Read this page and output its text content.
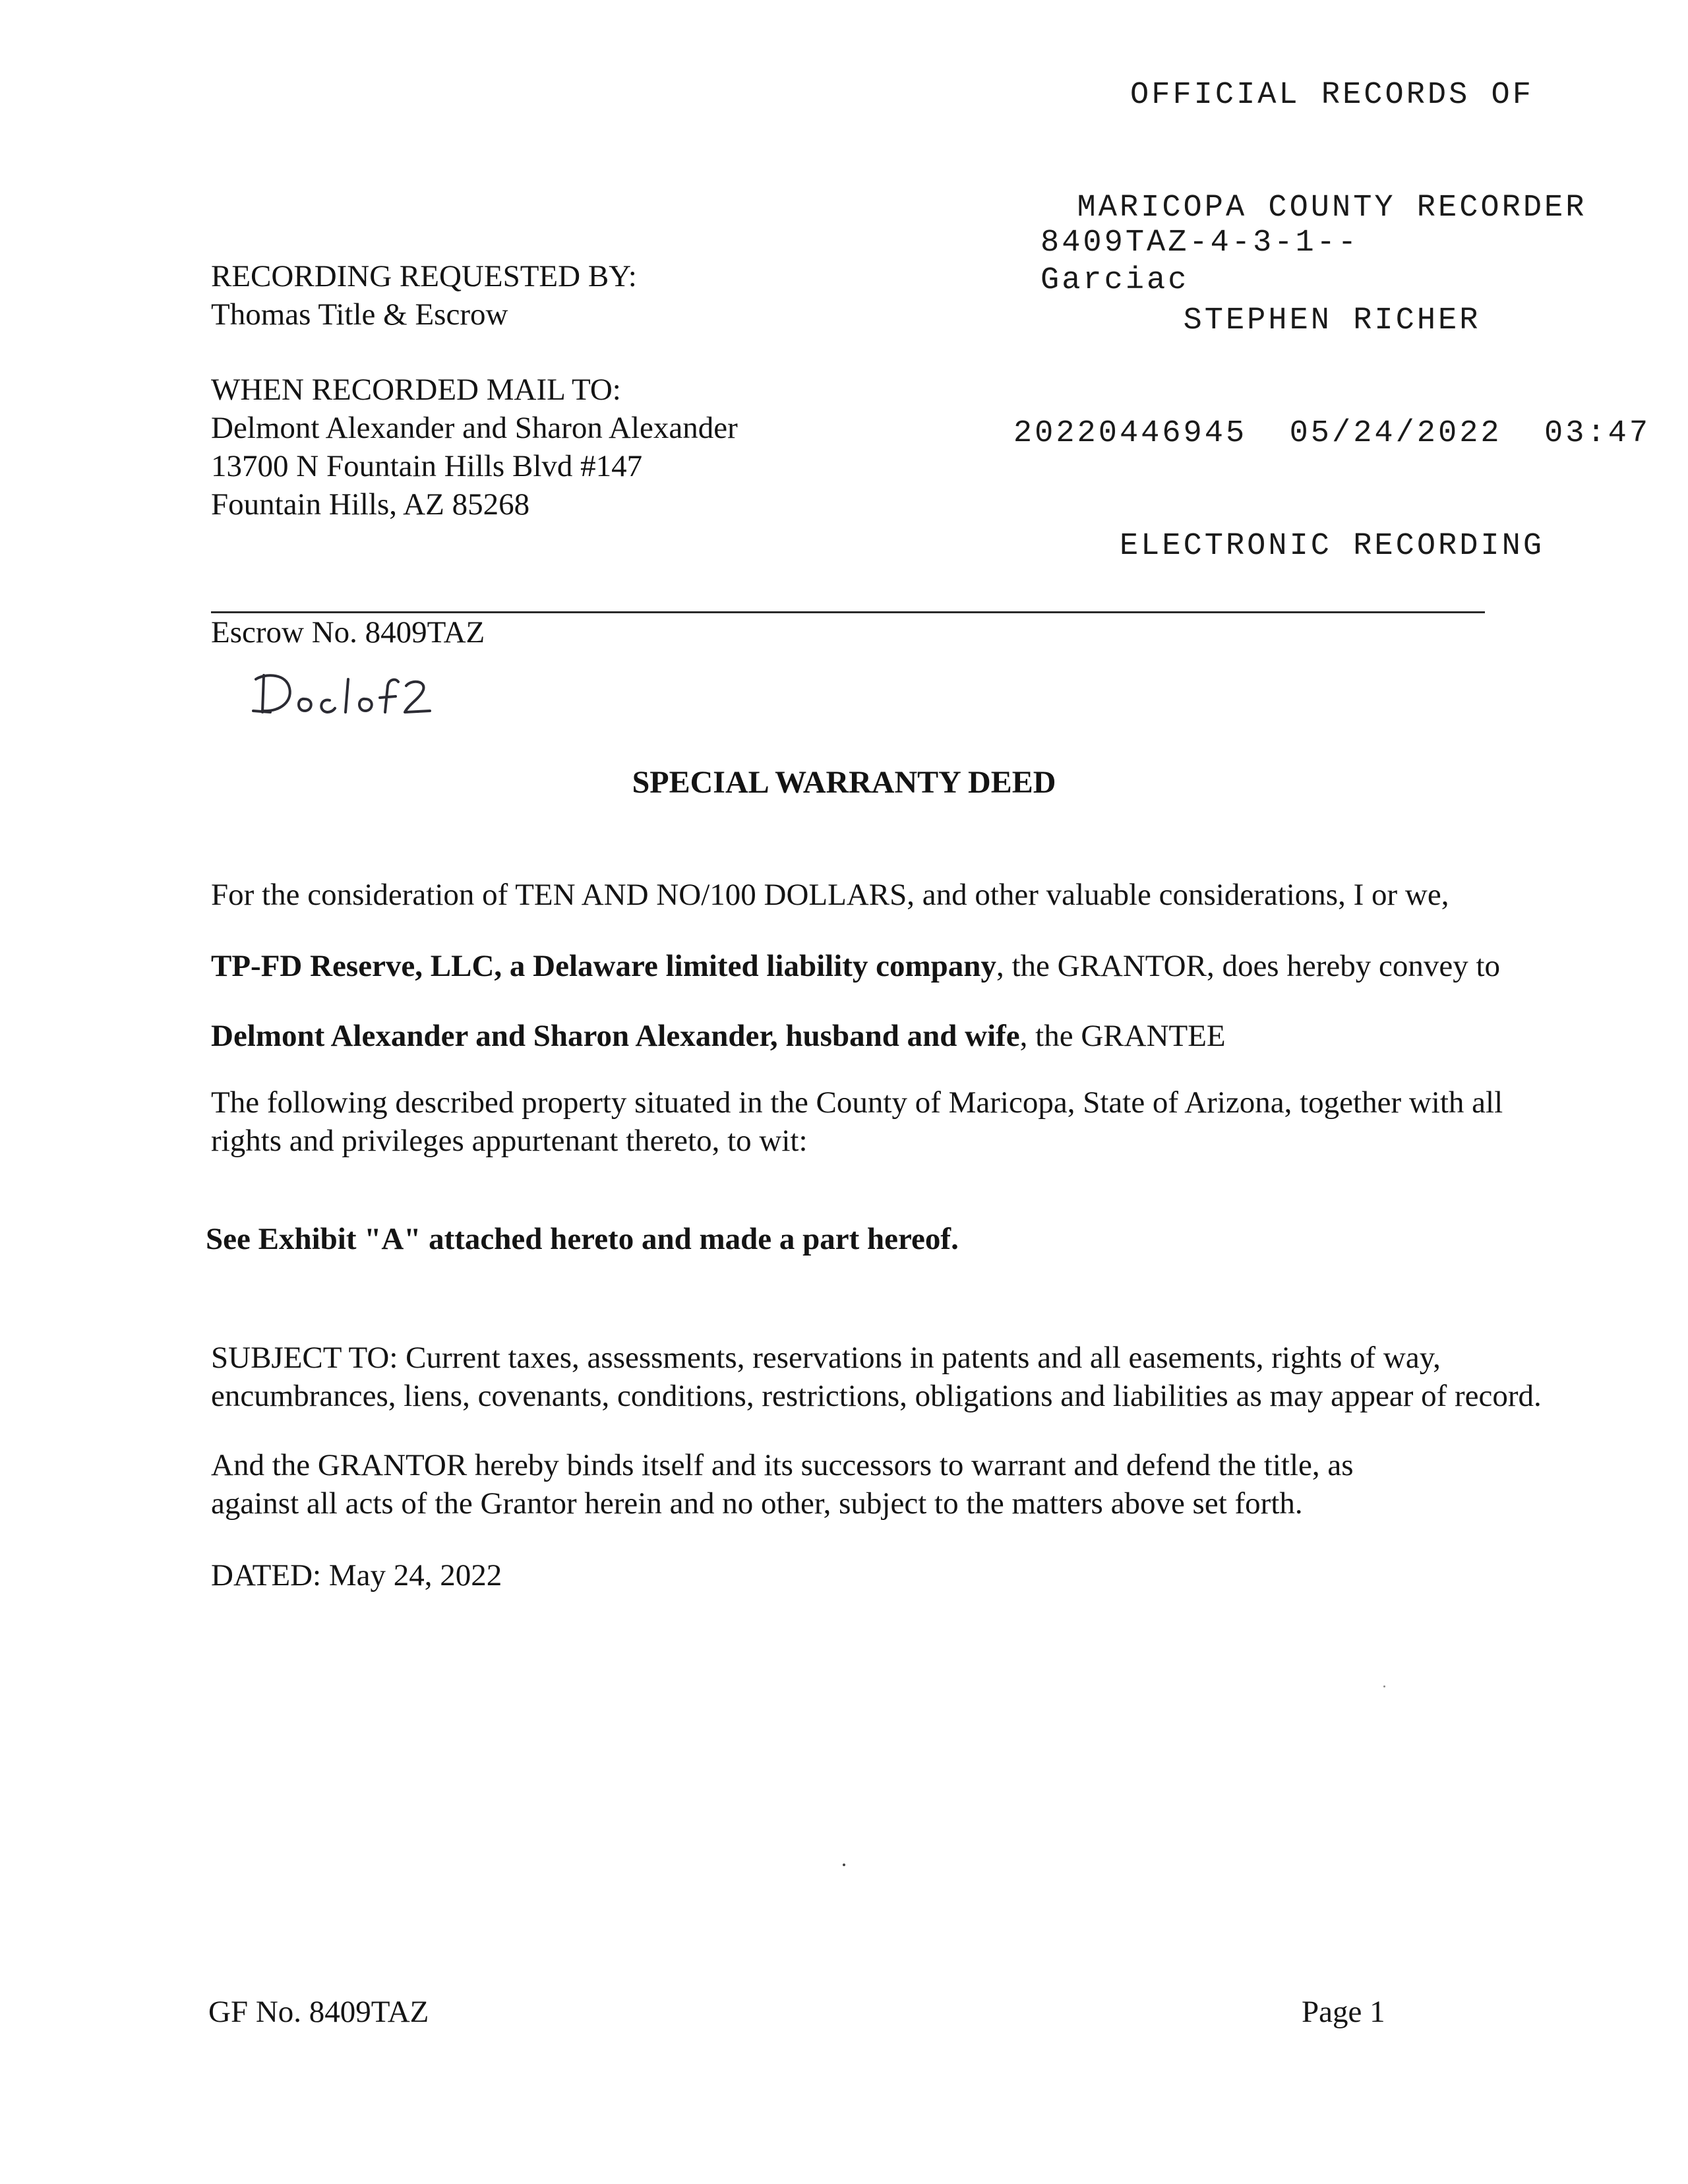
OFFICIAL RECORDS OF

MARICOPA COUNTY RECORDER

STEPHEN RICHER

20220446945  05/24/2022  03:47

ELECTRONIC RECORDING

8409TAZ-4-3-1--
Garciac
RECORDING REQUESTED BY:
Thomas Title & Escrow
WHEN RECORDED MAIL TO:
Delmont Alexander and Sharon Alexander
13700 N Fountain Hills Blvd #147
Fountain Hills, AZ 85268
Escrow No. 8409TAZ
SPECIAL WARRANTY DEED
For the consideration of TEN AND NO/100 DOLLARS, and other valuable considerations, I or we,
TP-FD Reserve, LLC, a Delaware limited liability company, the GRANTOR, does hereby convey to
Delmont Alexander and Sharon Alexander, husband and wife, the GRANTEE
The following described property situated in the County of Maricopa, State of Arizona, together with all
rights and privileges appurtenant thereto, to wit:
See Exhibit "A" attached hereto and made a part hereof.
SUBJECT TO: Current taxes, assessments, reservations in patents and all easements, rights of way,
encumbrances, liens, covenants, conditions, restrictions, obligations and liabilities as may appear of record.
And the GRANTOR hereby binds itself and its successors to warrant and defend the title, as
against all acts of the Grantor herein and no other, subject to the matters above set forth.
DATED: May 24, 2022
GF No. 8409TAZ	Page 1
